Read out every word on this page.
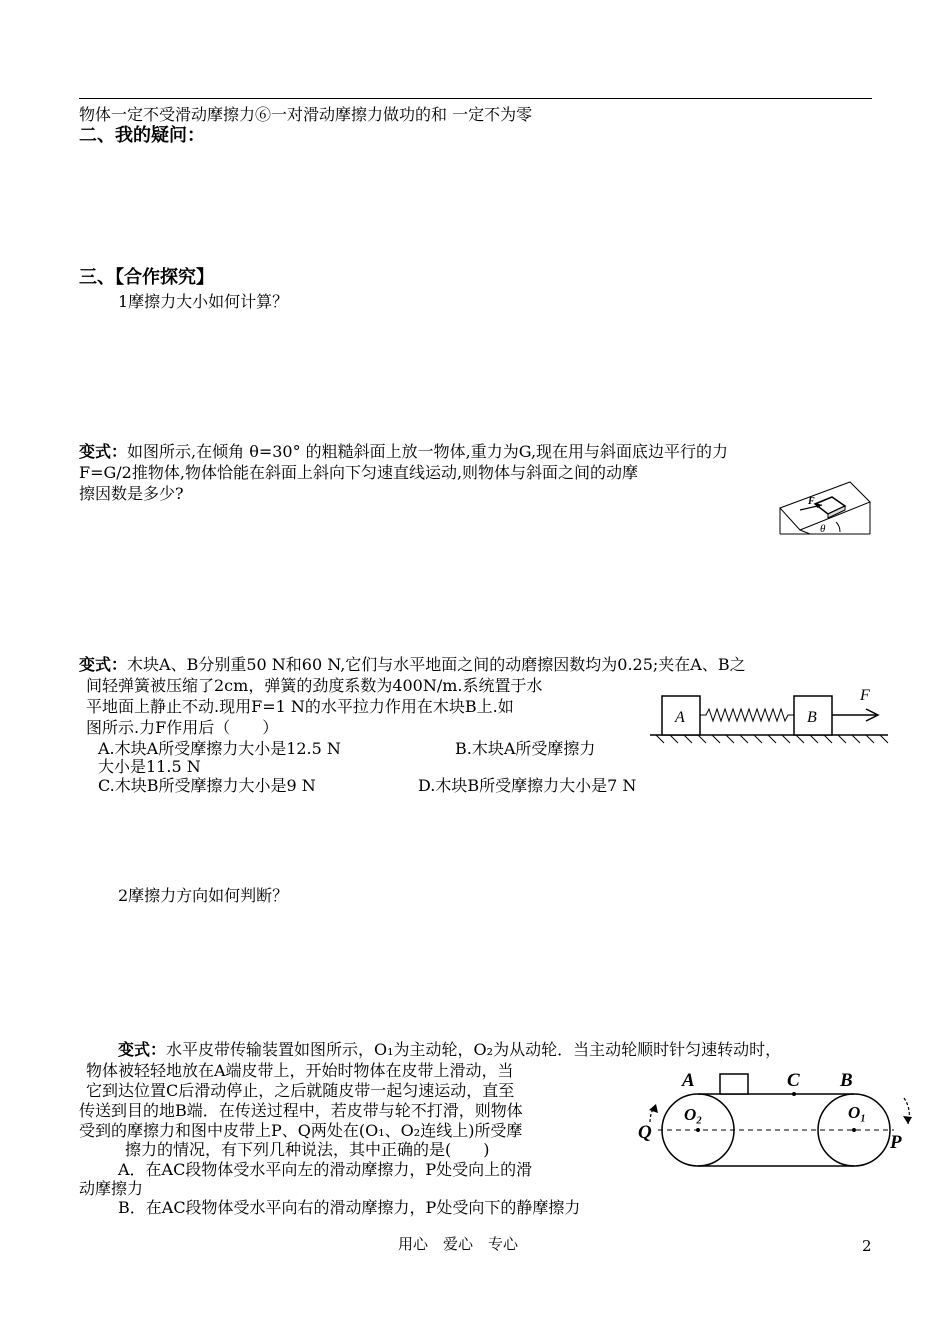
物体一定不受滑动摩擦力⑥一对滑动摩擦力做功的和 一定不为零
二、我的疑问：
三、【合作探究】
1摩擦力大小如何计算？
变式：如图所示,在倾角 θ=30° 的粗糙斜面上放一物体,重力为G,现在用与斜面底边平行的力
F=G/2推物体,物体恰能在斜面上斜向下匀速直线运动,则物体与斜面之间的动摩
擦因数是多少?	F
θ
变式：木块A、B分别重50 N和60 N,它们与水平地面之间的动磨擦因数均为0.25;夹在A、B之
间轻弹簧被压缩了2cm，弹簧的劲度系数为400N/m.系统置于水
平地面上静止不动.现用F=1 N的水平拉力作用在木块B上.如
图所示.力F作用后（　　）
A.木块A所受摩擦力大小是12.5 N	B.木块A所受摩擦力
大小是11.5 N
C.木块B所受摩擦力大小是9 N	D.木块B所受摩擦力大小是7 N
A	B
F
2摩擦力方向如何判断？
变式：水平皮带传输装置如图所示，O₁为主动轮，O₂为从动轮．当主动轮顺时针匀速转动时，
物体被轻轻地放在A端皮带上，开始时物体在皮带上滑动，当
它到达位置C后滑动停止，之后就随皮带一起匀速运动，直至
传送到目的地B端．在传送过程中，若皮带与轮不打滑，则物体
受到的摩擦力和图中皮带上P、Q两处在(O₁、O₂连线上)所受摩
擦力的情况，有下列几种说法，其中正确的是(　　)
A．在AC段物体受水平向左的滑动摩擦力，P处受向上的滑
动摩擦力
B．在AC段物体受水平向右的滑动摩擦力，P处受向下的静摩擦力
A	C B
O₂	O₁
Q	P
用心　爱心　专心	2
